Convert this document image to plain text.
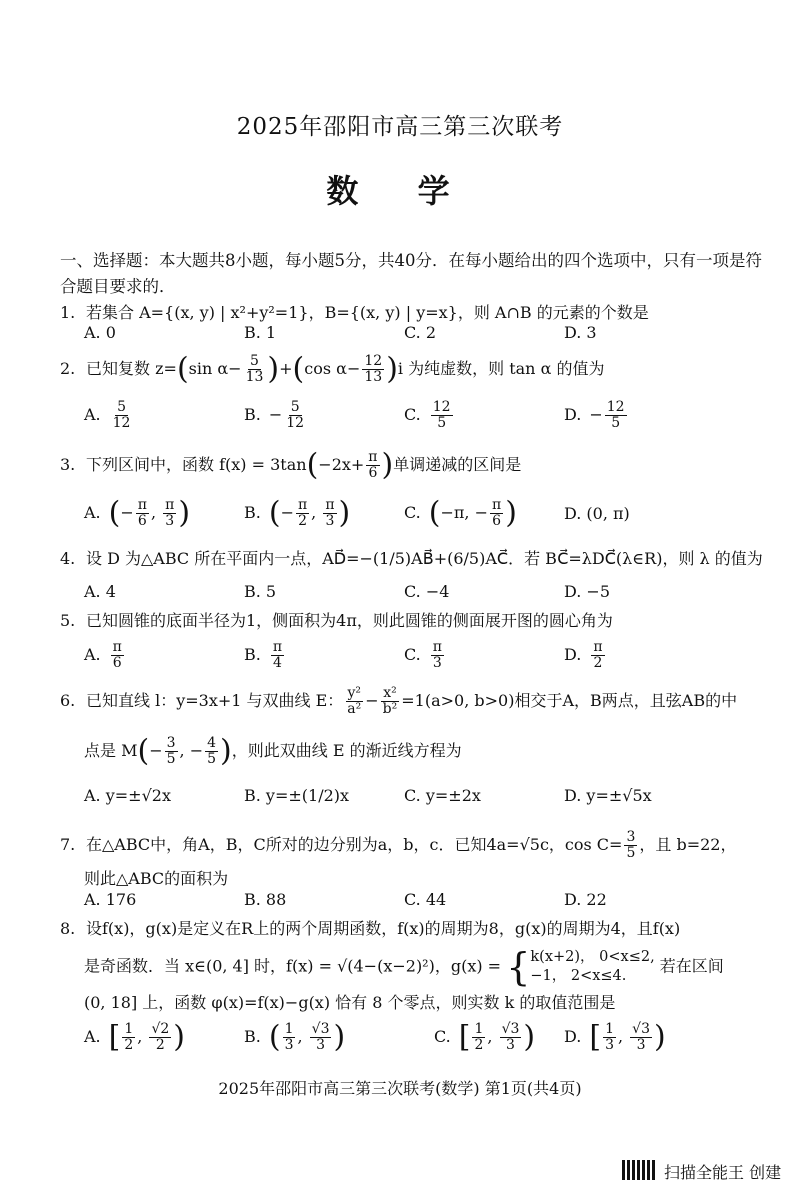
2025年邵阳市高三第三次联考
数 学
一、选择题：本大题共8小题，每小题5分，共40分．在每小题给出的四个选项中，只有一项是符合题目要求的．
1. 若集合 A={(x, y) | x²+y²=1}，B={(x, y) | y=x}，则 A∩B 的元素的个数是
A. 0	B. 1	C. 2	D. 3
2. 已知复数 z=(sin $\alpha- \frac{5}{13} )+(\cos$ $\alpha- \frac{12}{13} )i$ 为纯虚数，则 tan α 的值为
A. $\frac{5}{12}$	B. − $\frac{5}{12}$	C. $\frac{12}{5}$	D. − $\frac{12}{5}$
3. 下列区间中，函数 $f(x) = 3\tan(-2x+ \frac{\pi}{6}$ )单调递减的区间是
A. (− $\frac{\pi}{6}$ , $\frac{\pi}{3}$ )	B. (− $\frac{\pi}{2}$ , $\frac{\pi}{3}$ )	C. (−π, − $\frac{\pi}{6}$ )	D. (0, π)
4. 设 D 为△ABC 所在平面内一点，AD⃗=−(1/5)AB⃗+(6/5)AC⃗．若 BC⃗=λDC⃗(λ∈R)，则 λ 的值为
A. 4	B. 5	C. −4	D. −5
5. 已知圆锥的底面半径为1，侧面积为4π，则此圆锥的侧面展开图的圆心角为
A. $\frac{\pi}{6}$	B. $\frac{\pi}{4}$	C. $\frac{\pi}{3}$	D. $\frac{\pi}{2}$
6. 已知直线 l：y=3x+1 与双曲线 E： $\frac{\text{y²}}{\text{a²}} - \frac{\text{x²}}{\text{b²}} =1(a>0$, b>0)相交于A，B两点，且弦AB的中
点是 $M(- \frac{3}{5}$ , − $\frac{4}{5}$ )，则此双曲线 E 的渐近线方程为
A. y=±√2x	B. y=±(1/2)x	C. y=±2x	D. y=±√5x
7. 在△ABC中，角A，B，C所对的边分别为a，b，c．已知4a=√5c，$\cos C= \frac{3}{5}$ ，且 b=22，
则此△ABC的面积为
A. 176	B. 88	C. 44	D. 22
8. 设f(x)，g(x)是定义在R上的两个周期函数，f(x)的周期为8，g(x)的周期为4，且f(x)
是奇函数．当 x∈(0, 4] 时，f(x) = √(4−(x−2)²)，g(x) = { k(x+2)， 0<x≤2,
−1， 2<x≤4.
若在区间
(0, 18] 上，函数 φ(x)=f(x)−g(x) 恰有 8 个零点，则实数 k 的取值范围是
A. [ $\frac{1}{2}$ , $\frac{√2}{2}$ )	B. ( $\frac{1}{3}$ , $\frac{√3}{3}$ )	C. [ $\frac{1}{2}$ , $\frac{√3}{3}$ ) D. [ $\frac{1}{3}$ , $\frac{√3}{3}$ )
2025年邵阳市高三第三次联考(数学) 第1页(共4页)
扫描全能王 创建
